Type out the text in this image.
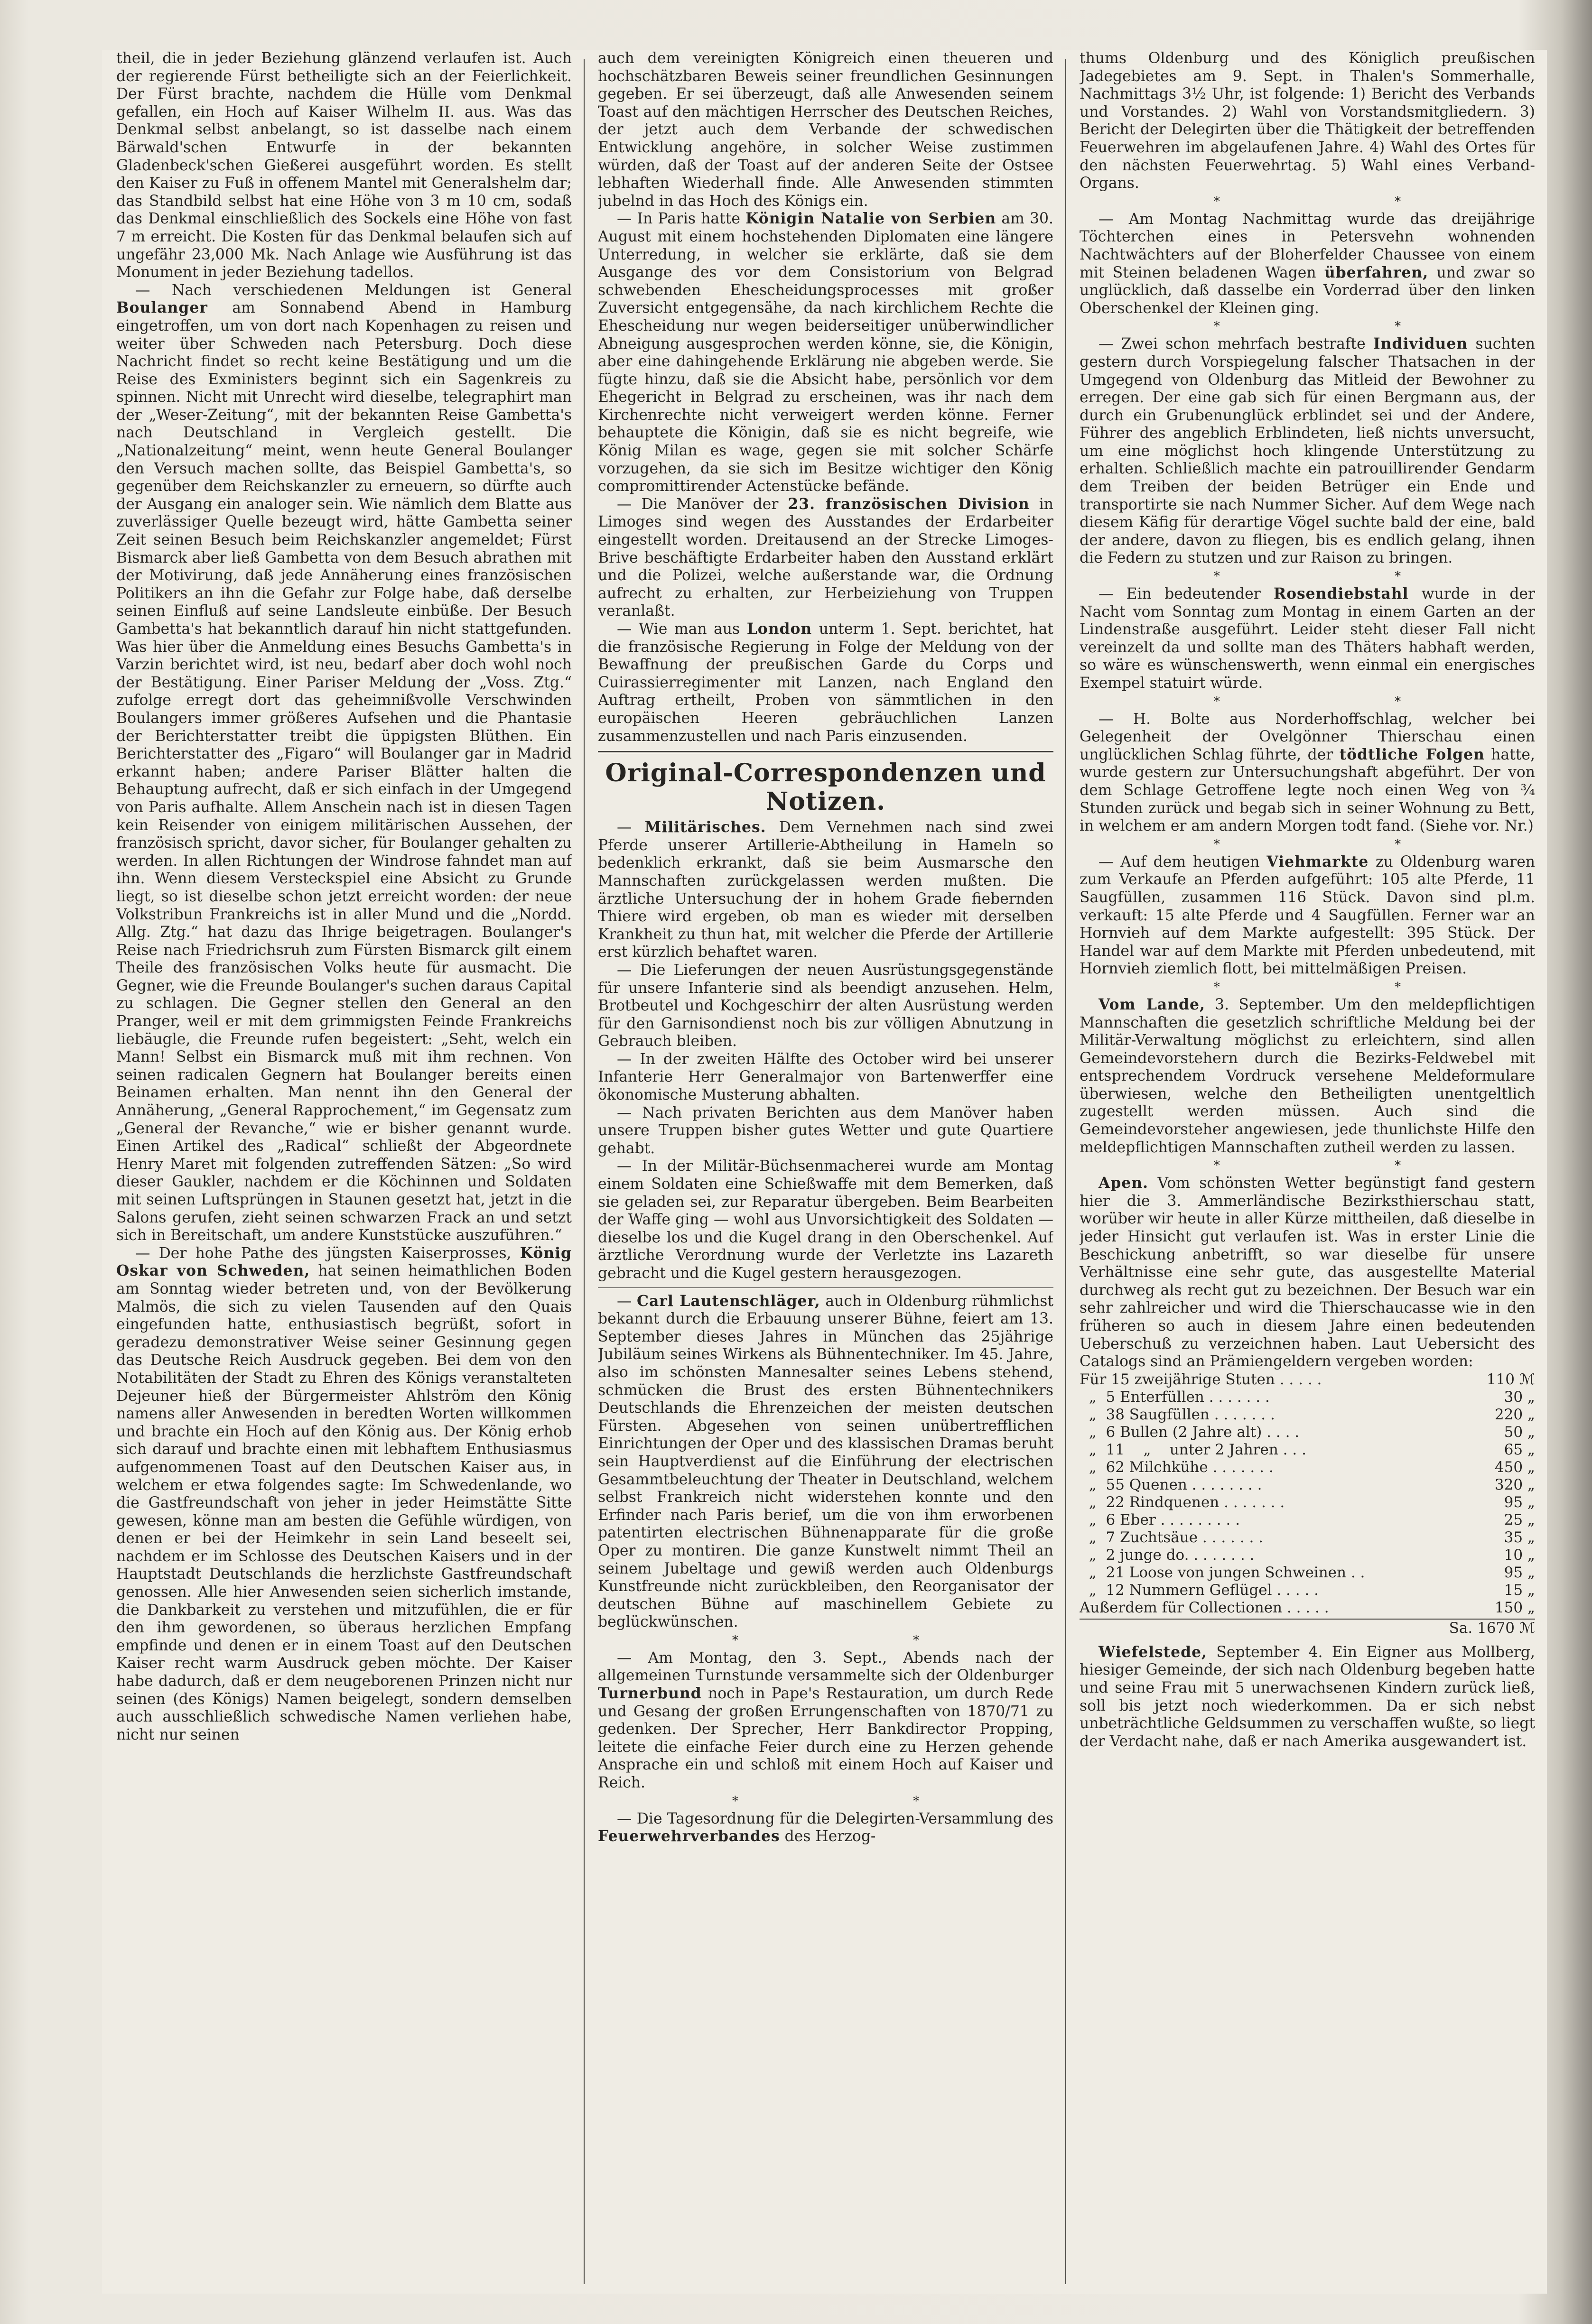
theil, die in jeder Beziehung glänzend verlaufen ist. Auch der regierende Fürst betheiligte sich an der Feierlichkeit. Der Fürst brachte, nachdem die Hülle vom Denkmal gefallen, ein Hoch auf Kaiser Wilhelm II. aus. Was das Denkmal selbst anbelangt, so ist dasselbe nach einem Bärwald'schen Entwurfe in der bekannten Gladenbeck'schen Gießerei ausgeführt worden. Es stellt den Kaiser zu Fuß in offenem Mantel mit Generalshelm dar; das Standbild selbst hat eine Höhe von 3 m 10 cm, sodaß das Denkmal einschließlich des Sockels eine Höhe von fast 7 m erreicht. Die Kosten für das Denkmal belaufen sich auf ungefähr 23,000 Mk. Nach Anlage wie Ausführung ist das Monument in jeder Beziehung tadellos.

— Nach verschiedenen Meldungen ist General Boulanger am Sonnabend Abend in Hamburg eingetroffen, um von dort nach Kopenhagen zu reisen und weiter über Schweden nach Petersburg. Doch diese Nachricht findet so recht keine Bestätigung und um die Reise des Exministers beginnt sich ein Sagenkreis zu spinnen. Nicht mit Unrecht wird dieselbe, telegraphirt man der „Weser-Zeitung“, mit der bekannten Reise Gambetta's nach Deutschland in Vergleich gestellt. Die „Nationalzeitung“ meint, wenn heute General Boulanger den Versuch machen sollte, das Beispiel Gambetta's, so gegenüber dem Reichskanzler zu erneuern, so dürfte auch der Ausgang ein analoger sein. Wie nämlich dem Blatte aus zuverlässiger Quelle bezeugt wird, hätte Gambetta seiner Zeit seinen Besuch beim Reichskanzler angemeldet; Fürst Bismarck aber ließ Gambetta von dem Besuch abrathen mit der Motivirung, daß jede Annäherung eines französischen Politikers an ihn die Gefahr zur Folge habe, daß derselbe seinen Einfluß auf seine Landsleute einbüße. Der Besuch Gambetta's hat bekanntlich darauf hin nicht stattgefunden. Was hier über die Anmeldung eines Besuchs Gambetta's in Varzin berichtet wird, ist neu, bedarf aber doch wohl noch der Bestätigung. Einer Pariser Meldung der „Voss. Ztg.“ zufolge erregt dort das geheimnißvolle Verschwinden Boulangers immer größeres Aufsehen und die Phantasie der Berichterstatter treibt die üppigsten Blüthen. Ein Berichterstatter des „Figaro“ will Boulanger gar in Madrid erkannt haben; andere Pariser Blätter halten die Behauptung aufrecht, daß er sich einfach in der Umgegend von Paris aufhalte. Allem Anschein nach ist in diesen Tagen kein Reisender von einigem militärischen Aussehen, der französisch spricht, davor sicher, für Boulanger gehalten zu werden. In allen Richtungen der Windrose fahndet man auf ihn. Wenn diesem Versteckspiel eine Absicht zu Grunde liegt, so ist dieselbe schon jetzt erreicht worden: der neue Volkstribun Frankreichs ist in aller Mund und die „Nordd. Allg. Ztg.“ hat dazu das Ihrige beigetragen. Boulanger's Reise nach Friedrichsruh zum Fürsten Bismarck gilt einem Theile des französischen Volks heute für ausmacht. Die Gegner, wie die Freunde Boulanger's suchen daraus Capital zu schlagen. Die Gegner stellen den General an den Pranger, weil er mit dem grimmigsten Feinde Frankreichs liebäugle, die Freunde rufen begeistert: „Seht, welch ein Mann! Selbst ein Bismarck muß mit ihm rechnen. Von seinen radicalen Gegnern hat Boulanger bereits einen Beinamen erhalten. Man nennt ihn den General der Annäherung, „General Rapprochement,“ im Gegensatz zum „General der Revanche,“ wie er bisher genannt wurde. Einen Artikel des „Radical“ schließt der Abgeordnete Henry Maret mit folgenden zutreffenden Sätzen: „So wird dieser Gaukler, nachdem er die Köchinnen und Soldaten mit seinen Luftsprüngen in Staunen gesetzt hat, jetzt in die Salons gerufen, zieht seinen schwarzen Frack an und setzt sich in Bereitschaft, um andere Kunststücke auszuführen.“

— Der hohe Pathe des jüngsten Kaiserprosses, König Oskar von Schweden, hat seinen heimathlichen Boden am Sonntag wieder betreten und, von der Bevölkerung Malmös, die sich zu vielen Tausenden auf den Quais eingefunden hatte, enthusiastisch begrüßt, sofort in geradezu demonstrativer Weise seiner Gesinnung gegen das Deutsche Reich Ausdruck gegeben. Bei dem von den Notabilitäten der Stadt zu Ehren des Königs veranstalteten Dejeuner hieß der Bürgermeister Ahlström den König namens aller Anwesenden in beredten Worten willkommen und brachte ein Hoch auf den König aus. Der König erhob sich darauf und brachte einen mit lebhaftem Enthusiasmus aufgenommenen Toast auf den Deutschen Kaiser aus, in welchem er etwa folgendes sagte: Im Schwedenlande, wo die Gastfreundschaft von jeher in jeder Heimstätte Sitte gewesen, könne man am besten die Gefühle würdigen, von denen er bei der Heimkehr in sein Land beseelt sei, nachdem er im Schlosse des Deutschen Kaisers und in der Hauptstadt Deutschlands die herzlichste Gastfreundschaft genossen. Alle hier Anwesenden seien sicherlich imstande, die Dankbarkeit zu verstehen und mitzufühlen, die er für den ihm gewordenen, so überaus herzlichen Empfang empfinde und denen er in einem Toast auf den Deutschen Kaiser recht warm Ausdruck geben möchte. Der Kaiser habe dadurch, daß er dem neugeborenen Prinzen nicht nur seinen (des Königs) Namen beigelegt, sondern demselben auch ausschließlich schwedische Namen verliehen habe, nicht nur seinen

auch dem vereinigten Königreich einen theueren und hochschätzbaren Beweis seiner freundlichen Gesinnungen gegeben. Er sei überzeugt, daß alle Anwesenden seinem Toast auf den mächtigen Herrscher des Deutschen Reiches, der jetzt auch dem Verbande der schwedischen Entwicklung angehöre, in solcher Weise zustimmen würden, daß der Toast auf der anderen Seite der Ostsee lebhaften Wiederhall finde. Alle Anwesenden stimmten jubelnd in das Hoch des Königs ein.

— In Paris hatte Königin Natalie von Serbien am 30. August mit einem hochstehenden Diplomaten eine längere Unterredung, in welcher sie erklärte, daß sie dem Ausgange des vor dem Consistorium von Belgrad schwebenden Ehescheidungsprocesses mit großer Zuversicht entgegensähe, da nach kirchlichem Rechte die Ehescheidung nur wegen beiderseitiger unüberwindlicher Abneigung ausgesprochen werden könne, sie, die Königin, aber eine dahingehende Erklärung nie abgeben werde. Sie fügte hinzu, daß sie die Absicht habe, persönlich vor dem Ehegericht in Belgrad zu erscheinen, was ihr nach dem Kirchenrechte nicht verweigert werden könne. Ferner behauptete die Königin, daß sie es nicht begreife, wie König Milan es wage, gegen sie mit solcher Schärfe vorzugehen, da sie sich im Besitze wichtiger den König compromittirender Actenstücke befände.

— Die Manöver der 23. französischen Division in Limoges sind wegen des Ausstandes der Erdarbeiter eingestellt worden. Dreitausend an der Strecke Limoges-Brive beschäftigte Erdarbeiter haben den Ausstand erklärt und die Polizei, welche außerstande war, die Ordnung aufrecht zu erhalten, zur Herbeiziehung von Truppen veranlaßt.

— Wie man aus London unterm 1. Sept. berichtet, hat die französische Regierung in Folge der Meldung von der Bewaffnung der preußischen Garde du Corps und Cuirassierregimenter mit Lanzen, nach England den Auftrag ertheilt, Proben von sämmtlichen in den europäischen Heeren gebräuchlichen Lanzen zusammenzustellen und nach Paris einzusenden.

Original-Correspondenzen und Notizen.

— Militärisches. Dem Vernehmen nach sind zwei Pferde unserer Artillerie-Abtheilung in Hameln so bedenklich erkrankt, daß sie beim Ausmarsche den Mannschaften zurückgelassen werden mußten. Die ärztliche Untersuchung der in hohem Grade fiebernden Thiere wird ergeben, ob man es wieder mit derselben Krankheit zu thun hat, mit welcher die Pferde der Artillerie erst kürzlich behaftet waren.

— Die Lieferungen der neuen Ausrüstungsgegenstände für unsere Infanterie sind als beendigt anzusehen. Helm, Brotbeutel und Kochgeschirr der alten Ausrüstung werden für den Garnisondienst noch bis zur völligen Abnutzung in Gebrauch bleiben.

— In der zweiten Hälfte des October wird bei unserer Infanterie Herr Generalmajor von Bartenwerffer eine ökonomische Musterung abhalten.

— Nach privaten Berichten aus dem Manöver haben unsere Truppen bisher gutes Wetter und gute Quartiere gehabt.

— In der Militär-Büchsenmacherei wurde am Montag einem Soldaten eine Schießwaffe mit dem Bemerken, daß sie geladen sei, zur Reparatur übergeben. Beim Bearbeiten der Waffe ging — wohl aus Unvorsichtigkeit des Soldaten — dieselbe los und die Kugel drang in den Oberschenkel. Auf ärztliche Verordnung wurde der Verletzte ins Lazareth gebracht und die Kugel gestern herausgezogen.

— Carl Lautenschläger, auch in Oldenburg rühmlichst bekannt durch die Erbauung unserer Bühne, feiert am 13. September dieses Jahres in München das 25jährige Jubiläum seines Wirkens als Bühnentechniker. Im 45. Jahre, also im schönsten Mannesalter seines Lebens stehend, schmücken die Brust des ersten Bühnentechnikers Deutschlands die Ehrenzeichen der meisten deutschen Fürsten. Abgesehen von seinen unübertrefflichen Einrichtungen der Oper und des klassischen Dramas beruht sein Hauptverdienst auf die Einführung der electrischen Gesammtbeleuchtung der Theater in Deutschland, welchem selbst Frankreich nicht widerstehen konnte und den Erfinder nach Paris berief, um die von ihm erworbenen patentirten electrischen Bühnenapparate für die große Oper zu montiren. Die ganze Kunstwelt nimmt Theil an seinem Jubeltage und gewiß werden auch Oldenburgs Kunstfreunde nicht zurückbleiben, den Reorganisator der deutschen Bühne auf maschinellem Gebiete zu beglückwünschen.

* *

— Am Montag, den 3. Sept., Abends nach der allgemeinen Turnstunde versammelte sich der Oldenburger Turnerbund noch in Pape's Restauration, um durch Rede und Gesang der großen Errungenschaften von 1870/71 zu gedenken. Der Sprecher, Herr Bankdirector Propping, leitete die einfache Feier durch eine zu Herzen gehende Ansprache ein und schloß mit einem Hoch auf Kaiser und Reich.

* *

— Die Tagesordnung für die Delegirten-Versammlung des Feuerwehrverbandes des Herzog-

thums Oldenburg und des Königlich preußischen Jadegebietes am 9. Sept. in Thalen's Sommerhalle, Nachmittags 3½ Uhr, ist folgende: 1) Bericht des Verbands und Vorstandes. 2) Wahl von Vorstandsmitgliedern. 3) Bericht der Delegirten über die Thätigkeit der betreffenden Feuerwehren im abgelaufenen Jahre. 4) Wahl des Ortes für den nächsten Feuerwehrtag. 5) Wahl eines Verband-Organs.

* *

— Am Montag Nachmittag wurde das dreijährige Töchterchen eines in Petersvehn wohnenden Nachtwächters auf der Bloherfelder Chaussee von einem mit Steinen beladenen Wagen überfahren, und zwar so unglücklich, daß dasselbe ein Vorderrad über den linken Oberschenkel der Kleinen ging.

* *

— Zwei schon mehrfach bestrafte Individuen suchten gestern durch Vorspiegelung falscher Thatsachen in der Umgegend von Oldenburg das Mitleid der Bewohner zu erregen. Der eine gab sich für einen Bergmann aus, der durch ein Grubenunglück erblindet sei und der Andere, Führer des angeblich Erblindeten, ließ nichts unversucht, um eine möglichst hoch klingende Unterstützung zu erhalten. Schließlich machte ein patrouillirender Gendarm dem Treiben der beiden Betrüger ein Ende und transportirte sie nach Nummer Sicher. Auf dem Wege nach diesem Käfig für derartige Vögel suchte bald der eine, bald der andere, davon zu fliegen, bis es endlich gelang, ihnen die Federn zu stutzen und zur Raison zu bringen.

* *

— Ein bedeutender Rosendiebstahl wurde in der Nacht vom Sonntag zum Montag in einem Garten an der Lindenstraße ausgeführt. Leider steht dieser Fall nicht vereinzelt da und sollte man des Thäters habhaft werden, so wäre es wünschenswerth, wenn einmal ein energisches Exempel statuirt würde.

* *

— H. Bolte aus Norderhoffschlag, welcher bei Gelegenheit der Ovelgönner Thierschau einen unglücklichen Schlag führte, der tödtliche Folgen hatte, wurde gestern zur Untersuchungshaft abgeführt. Der von dem Schlage Getroffene legte noch einen Weg von ¾ Stunden zurück und begab sich in seiner Wohnung zu Bett, in welchem er am andern Morgen todt fand. (Siehe vor. Nr.)

* *

— Auf dem heutigen Viehmarkte zu Oldenburg waren zum Verkaufe an Pferden aufgeführt: 105 alte Pferde, 11 Saugfüllen, zusammen 116 Stück. Davon sind pl.m. verkauft: 15 alte Pferde und 4 Saugfüllen. Ferner war an Hornvieh auf dem Markte aufgestellt: 395 Stück. Der Handel war auf dem Markte mit Pferden unbedeutend, mit Hornvieh ziemlich flott, bei mittelmäßigen Preisen.

* *

Vom Lande, 3. September. Um den meldepflichtigen Mannschaften die gesetzlich schriftliche Meldung bei der Militär-Verwaltung möglichst zu erleichtern, sind allen Gemeindevorstehern durch die Bezirks-Feldwebel mit entsprechendem Vordruck versehene Meldeformulare überwiesen, welche den Betheiligten unentgeltlich zugestellt werden müssen. Auch sind die Gemeindevorsteher angewiesen, jede thunlichste Hilfe den meldepflichtigen Mannschaften zutheil werden zu lassen.

* *

Apen. Vom schönsten Wetter begünstigt fand gestern hier die 3. Ammerländische Bezirksthierschau statt, worüber wir heute in aller Kürze mittheilen, daß dieselbe in jeder Hinsicht gut verlaufen ist. Was in erster Linie die Beschickung anbetrifft, so war dieselbe für unsere Verhältnisse eine sehr gute, das ausgestellte Material durchweg als recht gut zu bezeichnen. Der Besuch war ein sehr zahlreicher und wird die Thierschaucasse wie in den früheren so auch in diesem Jahre einen bedeutenden Ueberschuß zu verzeichnen haben. Laut Uebersicht des Catalogs sind an Prämiengeldern vergeben worden:

Für 15 zweijährige Stuten . . . . .	110 ℳ
„  5 Enterfüllen . . . . . . .	30 „
„  38 Saugfüllen . . . . . . .	220 „
„  6 Bullen (2 Jahre alt) . . . .	50 „
„  11    „    unter 2 Jahren . . .	65 „
„  62 Milchkühe . . . . . . .	450 „
„  55 Quenen . . . . . . . .	320 „
„  22 Rindquenen . . . . . . .	95 „
„  6 Eber . . . . . . . . .	25 „
„  7 Zuchtsäue . . . . . . .	35 „
„  2 junge do. . . . . . . .	10 „
„  21 Loose von jungen Schweinen . .	95 „
„  12 Nummern Geflügel . . . . .	15 „
Außerdem für Collectionen . . . . .	150 „
Sa. 1670 ℳ

Wiefelstede, September 4. Ein Eigner aus Mollberg, hiesiger Gemeinde, der sich nach Oldenburg begeben hatte und seine Frau mit 5 unerwachsenen Kindern zurück ließ, soll bis jetzt noch wiederkommen. Da er sich nebst unbeträchtliche Geldsummen zu verschaffen wußte, so liegt der Verdacht nahe, daß er nach Amerika ausgewandert ist.
